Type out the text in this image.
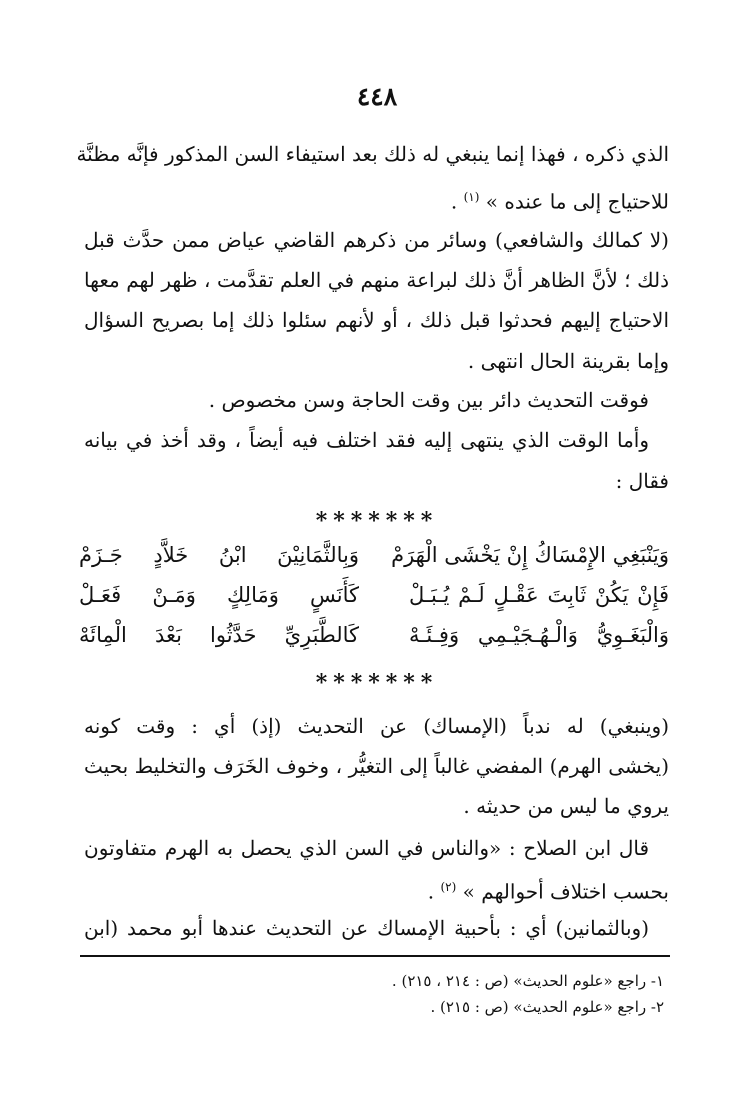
٤٤٨
الذي ذكره ، فهذا إنما ينبغي له ذلك بعد استيفاء السن المذكور فإنَّه مظنَّة
للاحتياج إلى ما عنده » $^{(١)}$ .
(لا كمالك والشافعي) وسائر من ذكرهم القاضي عياض ممن حدَّث قبل
ذلك ؛ لأنَّ الظاهر أنَّ ذلك لبراعة منهم في العلم تقدَّمت ، ظهر لهم معها
الاحتياج إليهم فحدثوا قبل ذلك ، أو لأنهم سئلوا ذلك إما بصريح السؤال
وإما بقرينة الحال انتهى .
فوقت التحديث دائر بين وقت الحاجة وسن مخصوص .
وأما الوقت الذي ينتهى إليه فقد اختلف فيه أيضاً ، وقد أخذ في بيانه
فقال :
*******
وَيَنْبَغِي الإِمْسَاكُ إِنْ يَخْشَى الْهَرَمْ
وَبِالثَّمَانِيْنَ ابْنُ خَلاَّدٍ جَـزَمْ
فَإِنْ يَكُنْ ثَابِتَ عَقْـلٍ لَـمْ يُـبَـلْ
كَأَنَسٍ وَمَالِكٍ وَمَـنْ فَعَـلْ
وَالْبَغَـوِيُّ وَالْـهُـجَيْـمِي وَفِـئَـهْ
كَالطَّبَرِيِّ حَدَّثُوا بَعْدَ الْمِائَهْ
*******
(وينبغي) له ندباً (الإمساك) عن التحديث (إذ) أي : وقت كونه
(يخشى الهرم) المفضي غالباً إلى التغيُّر ، وخوف الخَرَف والتخليط بحيث
يروي ما ليس من حديثه .
قال ابن الصلاح : «والناس في السن الذي يحصل به الهرم متفاوتون
بحسب اختلاف أحوالهم » $^{(٢)}$ .
(وبالثمانين) أي : بأحبية الإمساك عن التحديث عندها أبو محمد (ابن
١- راجع «علوم الحديث» (ص : ٢١٤ ، ٢١٥) .
٢- راجع «علوم الحديث» (ص : ٢١٥) .
